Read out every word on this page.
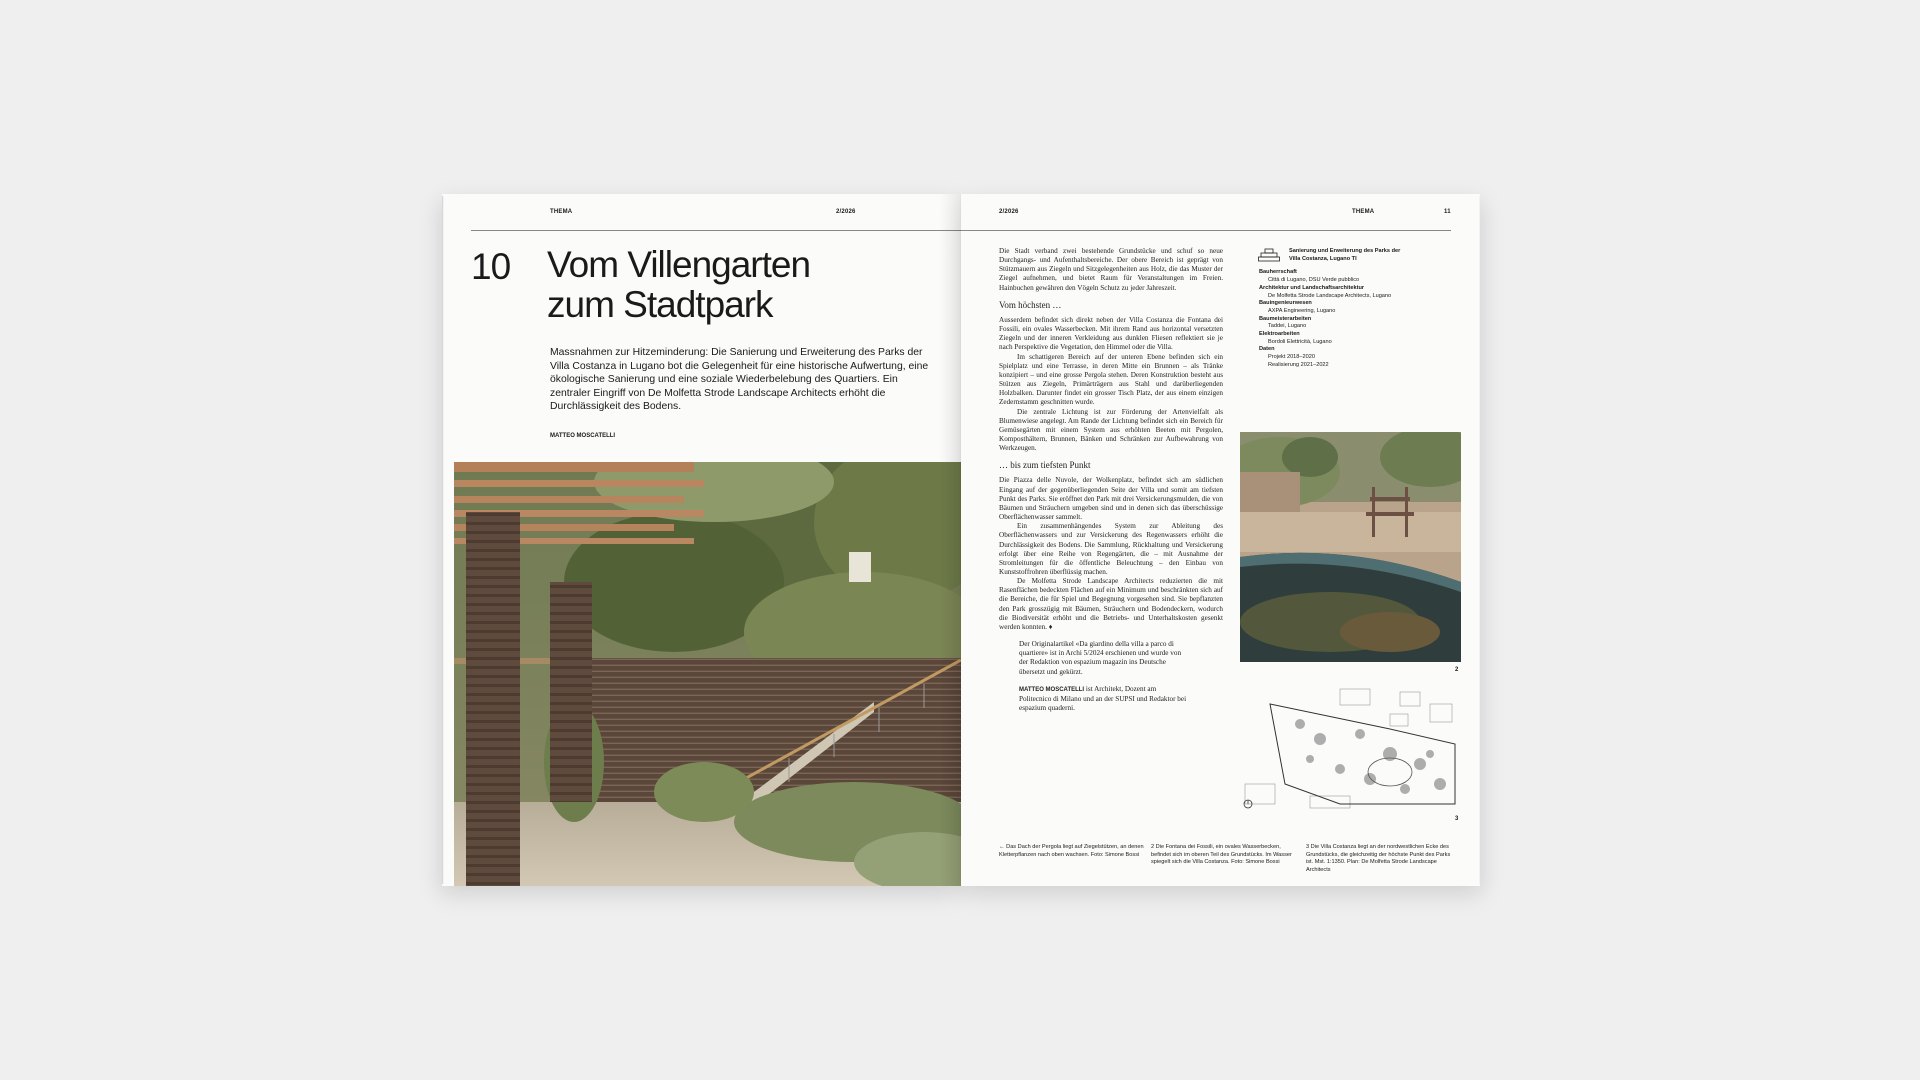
THEMA	2/2026
10 Vom Villengarten
zum Stadtpark
Massnahmen zur Hitzeminderung: Die Sanierung und Erweiterung des Parks der Villa Costanza in Lugano bot die Gelegenheit für eine historische Aufwertung, eine ökologische Sanierung und eine soziale Wiederbelebung des Quartiers. Ein zentraler Eingriff von De Molfetta Strode Landscape Architects erhöht die Durchlässigkeit des Bodens.
MATTEO MOSCATELLI
2/2026	THEMA	11

Die Stadt verband zwei bestehende Grundstücke und schuf so neue Durchgangs- und Aufenthaltsbereiche. Der obere Bereich ist geprägt von Stützmauern aus Ziegeln und Sitzgelegenheiten aus Holz, die das Muster der Ziegel aufnehmen, und bietet Raum für Veranstaltungen im Freien. Hainbuchen gewähren den Vögeln Schutz zu jeder Jahreszeit.

Vom höchsten …

Ausserdem befindet sich direkt neben der Villa Costanza die Fontana dei Fossili, ein ovales Wasserbecken. Mit ihrem Rand aus horizontal versetzten Ziegeln und der inneren Verkleidung aus dunklen Fliesen reflektiert sie je nach Perspektive die Vegetation, den Himmel oder die Villa.

Im schattigeren Bereich auf der unteren Ebene befinden sich ein Spielplatz und eine Terrasse, in deren Mitte ein Brunnen – als Tränke konzipiert – und eine grosse Pergola stehen. Deren Konstruktion besteht aus Stützen aus Ziegeln, Primärträgern aus Stahl und darüberliegenden Holzbalken. Darunter findet ein grosser Tisch Platz, der aus einem einzigen Zedernstamm geschnitten wurde.

Die zentrale Lichtung ist zur Förderung der Artenvielfalt als Blumenwiese angelegt. Am Rande der Lichtung befindet sich ein Bereich für Gemüsegärten mit einem System aus erhöhten Beeten mit Pergolen, Komposthältern, Brunnen, Bänken und Schränken zur Aufbewahrung von Werkzeugen.

… bis zum tiefsten Punkt

Die Piazza delle Nuvole, der Wolkenplatz, befindet sich am südlichen Eingang auf der gegenüberliegenden Seite der Villa und somit am tiefsten Punkt des Parks. Sie eröffnet den Park mit drei Versickerungsmulden, die von Bäumen und Sträuchern umgeben sind und in denen sich das überschüssige Oberflächenwasser sammelt.

Ein zusammenhängendes System zur Ableitung des Oberflächenwassers und zur Versickerung des Regenwassers erhöht die Durchlässigkeit des Bodens. Die Sammlung, Rückhaltung und Versickerung erfolgt über eine Reihe von Regengärten, die – mit Ausnahme der Stromleitungen für die öffentliche Beleuchtung – den Einbau von Kunststoffrohren überflüssig machen.

De Molfetta Strode Landscape Architects reduzierten die mit Rasenflächen bedeckten Flächen auf ein Minimum und beschränkten sich auf die Bereiche, die für Spiel und Begegnung vorgesehen sind. Sie bepflanzten den Park grosszügig mit Bäumen, Sträuchern und Bodendeckern, wodurch die Biodiversität erhöht und die Betriebs- und Unterhaltskosten gesenkt werden konnten. ♦

Der Originalartikel «Da giardino della villa a parco di quartiere» ist in Archi 5/2024 erschienen und wurde von der Redaktion von espazium magazin ins Deutsche übersetzt und gekürzt.

MATTEO MOSCATELLI ist Architekt, Dozent am Politecnico di Milano und an der SUPSI und Redaktor bei espazium quaderni.

Sanierung und Erweiterung des Parks der Villa Costanza, Lugano TI
Bauherrschaft
Città di Lugano, DSU Verde pubblico
Architektur und Landschaftsarchitektur
De Molfetta Strode Landscape Architects, Lugano
Bauingenieurwesen
AXPA Engineering, Lugano
Baumeisterarbeiten
Taddei, Lugano
Elektroarbeiten
Bordoli Elettricità, Lugano
Daten
Projekt 2018–2020
Realisierung 2021–2022
2
3
← Das Dach der Pergola liegt auf Ziegelstützen, an denen Kletterpflanzen nach oben wachsen. Foto: Simone Bossi
2 Die Fontana dei Fossili, ein ovales Wasserbecken, befindet sich im oberen Teil des Grundstücks. Im Wasser spiegelt sich die Villa Costanza. Foto: Simone Bossi
3 Die Villa Costanza liegt an der nordwestlichen Ecke des Grundstücks, die gleichzeitig der höchste Punkt des Parks ist. Mst. 1:1350. Plan: De Molfetta Strode Landscape Architects
